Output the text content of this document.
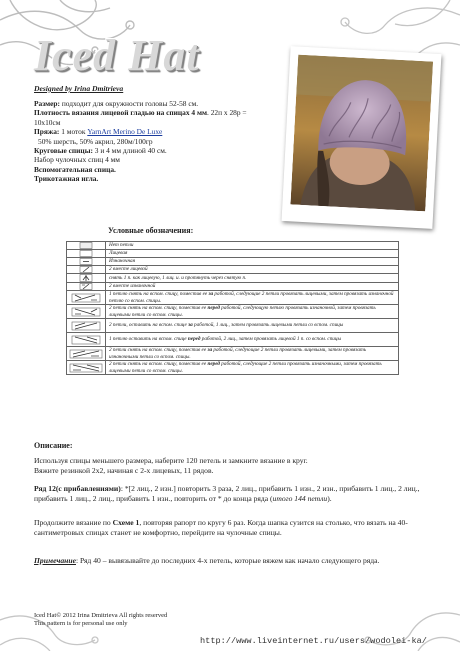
Iced Hat
Designed by Irina Dmitrieva
Размер: подходит для окружности головы 52-58 см.
Плотность вязания лицевой гладью на спицах 4 мм. 22п x 28р = 10x10см
Пряжа: 1 моток YarnArt Merino De Luxe
50% шерсть, 50% акрил, 280м/100гр
Круговые спицы: 3 и 4 мм длиной 40 см.
Набор чулочных спиц 4 мм
Вспомогательная спица.
Трикотажная игла.
Условные обозначения:
	Нет петли

	Лицевая

	Изнаночная

	2 вместе лицевой

	снять 1 п. как лицевую, 1 лиц. и. и протянуть через снятую п.

	2 вместе изнаночной

	1 петлю снять на вспом. спицу, поместив ее за работой, следующие 2 петли провязать лицевыми, затем провязать изнаночной петлю со вспом. спицы.

	2 петли снять на вспом. спицу, поместив ее перед работой, следующую петлю провязать изнаночной, затем провязать лицевыми петли со вспом. спицы.

	2 петли, оставить на вспом. спице за работой, 1 лиц., затем провязать лицевыми петли со вспом. спицы

	1 петлю оставить на вспом. спице перед работой, 2 лиц., затем провязать лицевой 1 п. со вспом. спицы

	2 петли снять на вспом. спицу, поместив ее за работой, следующие 2 петли провязать лицевыми, затем провязать изнаночными петли со вспом. спицы.

	2 петли снять на вспом. спицу, поместив ее перед работой, следующие 2 петли провязать изнаночными, затем провязать лицевыми петли со вспом. спицы.
Описание:
Используя спицы меньшего размера, наберите 120 петель и замкните вязание в круг.
Вяжите резинкой 2x2, начиная с 2-х лицевых, 11 рядов.
Ряд 12(с прибавлениями): *[2 лиц., 2 изн.] повторить 3 раза, 2 лиц., прибавить 1 изн., 2 изн., прибавить 1 лиц., 2 лиц., прибавить 1 лиц., 2 лиц., прибавить 1 изн., повторить от * до конца ряда (итого 144 петли).
Продолжите вязание по Схеме 1, повторяя рапорт по кругу 6 раз. Когда шапка сузится на столько, что вязать на 40-сантиметровых спицах станет не комфортно, перейдите на чулочные спицы.
Примечание: Ряд 40 – вывязывайте до последних 4-х петель, которые вяжем как начало следующего ряда.
Iced Hat© 2012 Irina Dmitrieva All rights reserved
This pattern is for personal use only
http://www.liveinternet.ru/users/wodolei-ka/
